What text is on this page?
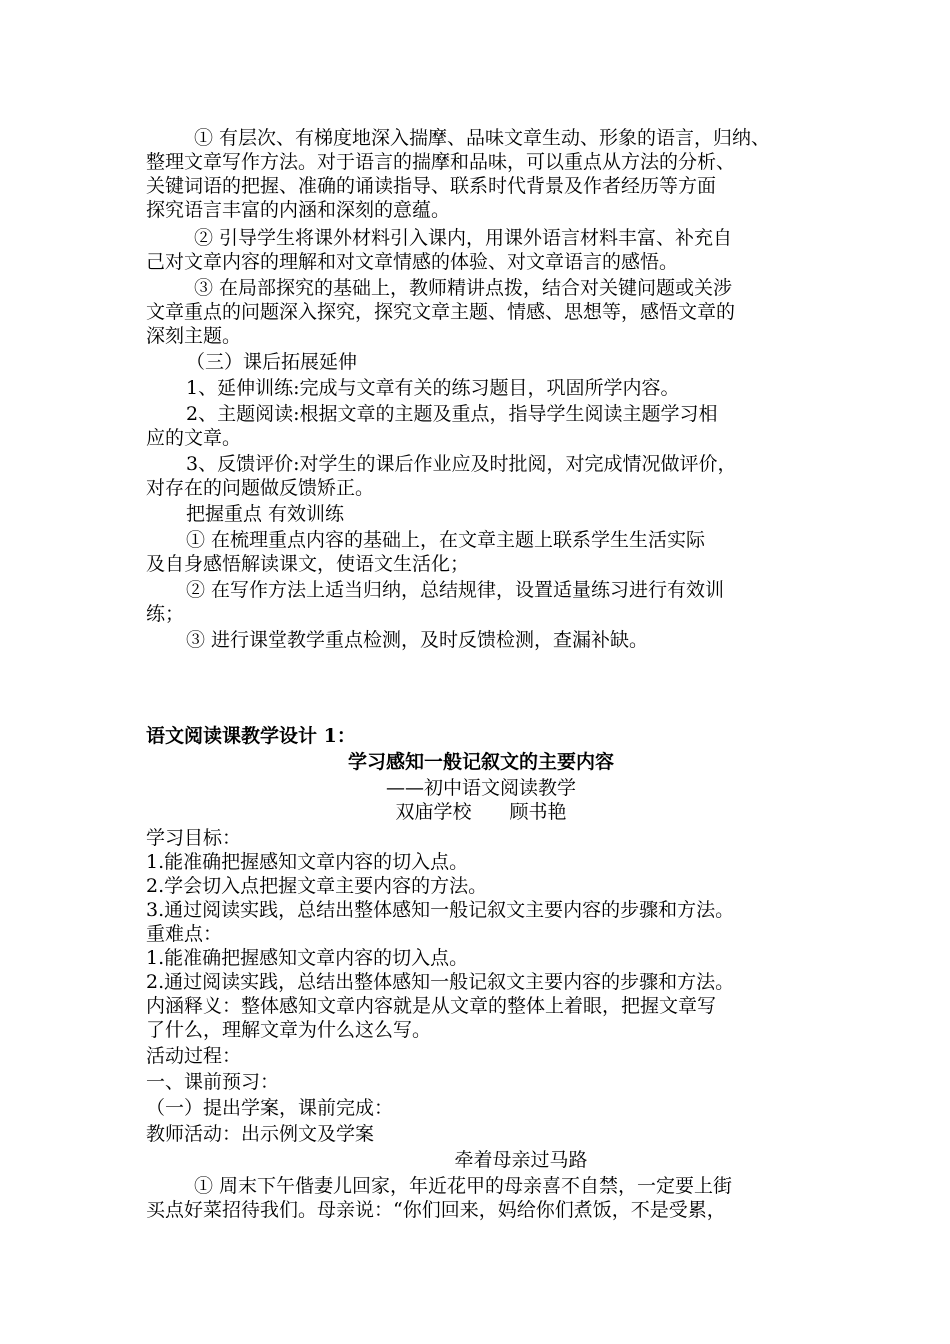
① 有层次、有梯度地深入揣摩、品味文章生动、形象的语言，归纳、
整理文章写作方法。对于语言的揣摩和品味，可以重点从方法的分析、
关键词语的把握、准确的诵读指导、联系时代背景及作者经历等方面
探究语言丰富的内涵和深刻的意蕴。
② 引导学生将课外材料引入课内，用课外语言材料丰富、补充自
己对文章内容的理解和对文章情感的体验、对文章语言的感悟。
③ 在局部探究的基础上，教师精讲点拨，结合对关键问题或关涉
文章重点的问题深入探究，探究文章主题、情感、思想等，感悟文章的
深刻主题。
（三）课后拓展延伸
1、延伸训练:完成与文章有关的练习题目，巩固所学内容。
2、主题阅读:根据文章的主题及重点，指导学生阅读主题学习相
应的文章。
3、反馈评价:对学生的课后作业应及时批阅，对完成情况做评价，
对存在的问题做反馈矫正。
把握重点 有效训练
① 在梳理重点内容的基础上，在文章主题上联系学生生活实际
及自身感悟解读课文，使语文生活化；
② 在写作方法上适当归纳，总结规律，设置适量练习进行有效训
练；
③ 进行课堂教学重点检测，及时反馈检测，查漏补缺。
语文阅读课教学设计 1：
学习感知一般记叙文的主要内容
——初中语文阅读教学
双庙学校　　顾书艳
学习目标：
1.能准确把握感知文章内容的切入点。
2.学会切入点把握文章主要内容的方法。
3.通过阅读实践，总结出整体感知一般记叙文主要内容的步骤和方法。
重难点：
1.能准确把握感知文章内容的切入点。
2.通过阅读实践，总结出整体感知一般记叙文主要内容的步骤和方法。
内涵释义：整体感知文章内容就是从文章的整体上着眼，把握文章写
了什么，理解文章为什么这么写。
活动过程：
一、课前预习：
（一）提出学案，课前完成：
教师活动：出示例文及学案
牵着母亲过马路
① 周末下午偕妻儿回家，年近花甲的母亲喜不自禁，一定要上街
买点好菜招待我们。母亲说：“你们回来，妈给你们煮饭，不是受累，
